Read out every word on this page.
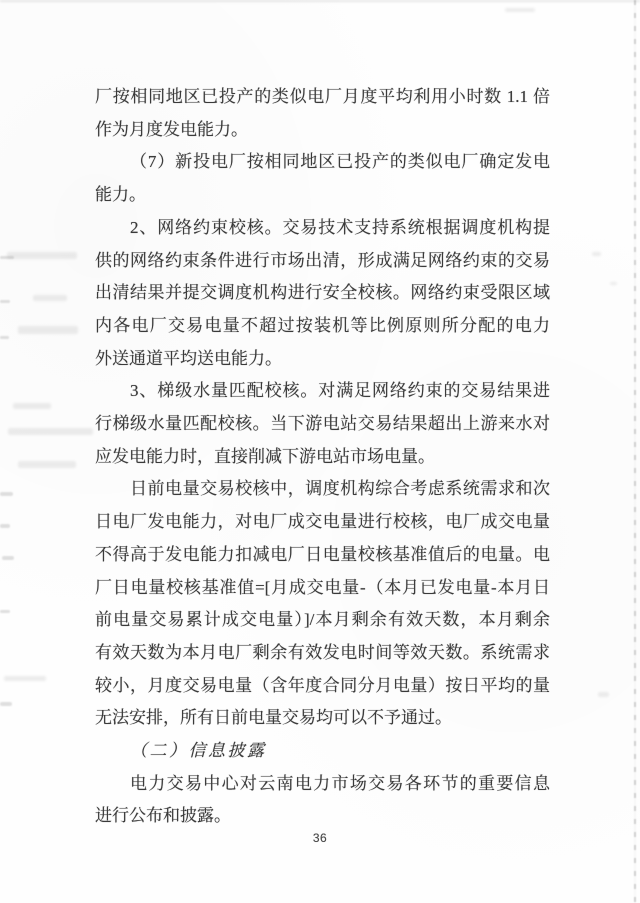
厂按相同地区已投产的类似电厂月度平均利用小时数 1.1 倍
作为月度发电能力。
（7）新投电厂按相同地区已投产的类似电厂确定发电
能力。
2、网络约束校核。交易技术支持系统根据调度机构提
供的网络约束条件进行市场出清，形成满足网络约束的交易
出清结果并提交调度机构进行安全校核。网络约束受限区域
内各电厂交易电量不超过按装机等比例原则所分配的电力
外送通道平均送电能力。
3、梯级水量匹配校核。对满足网络约束的交易结果进
行梯级水量匹配校核。当下游电站交易结果超出上游来水对
应发电能力时，直接削减下游电站市场电量。
日前电量交易校核中，调度机构综合考虑系统需求和次
日电厂发电能力，对电厂成交电量进行校核，电厂成交电量
不得高于发电能力扣减电厂日电量校核基准值后的电量。电
厂日电量校核基准值=[月成交电量-（本月已发电量-本月日
前电量交易累计成交电量）]/本月剩余有效天数，本月剩余
有效天数为本月电厂剩余有效发电时间等效天数。系统需求
较小，月度交易电量（含年度合同分月电量）按日平均的量
无法安排，所有日前电量交易均可以不予通过。
（二）信息披露
电力交易中心对云南电力市场交易各环节的重要信息
进行公布和披露。
36
